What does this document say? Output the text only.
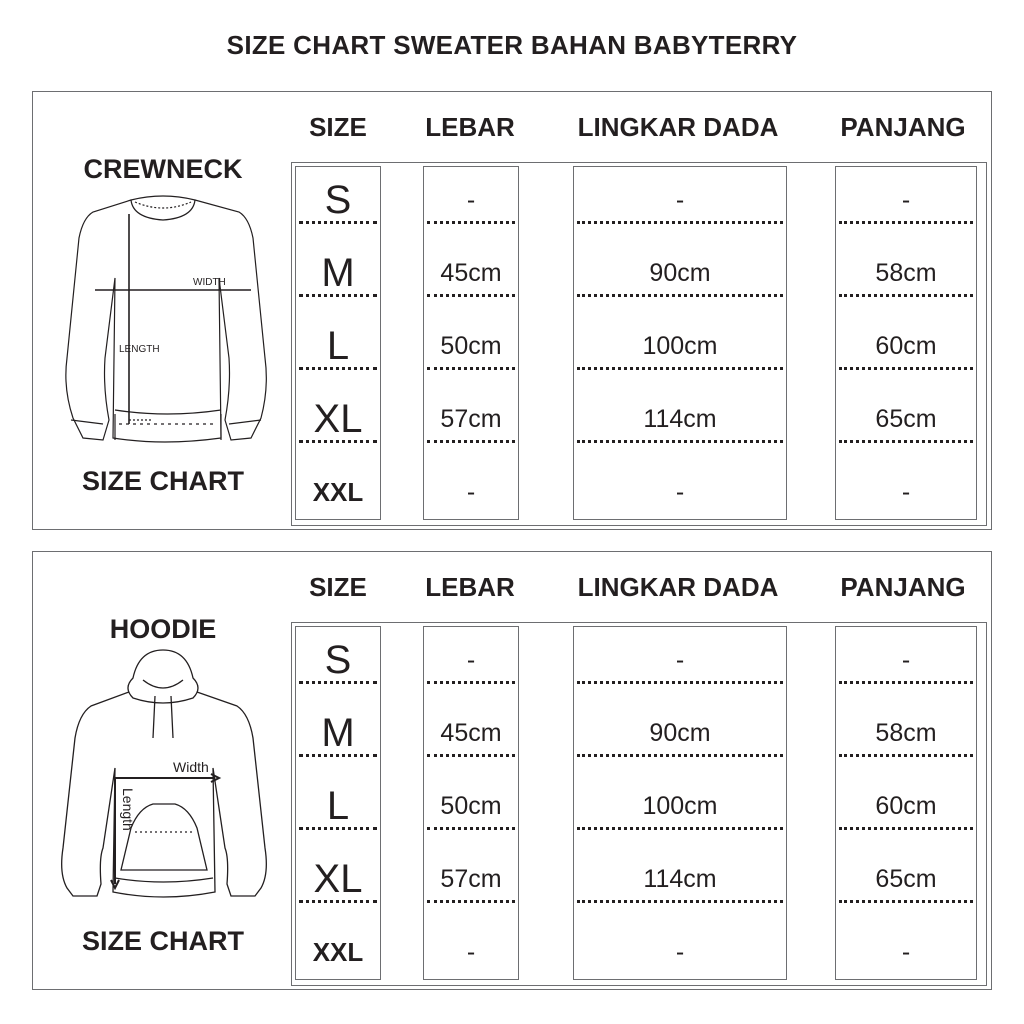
SIZE CHART SWEATER BAHAN BABYTERRY
SIZE	LEBAR	LINGKAR DADA	PANJANG
CREWNECK
SIZE CHART
WIDTH
LENGTH
S	-	-	-
M	45cm	90cm	58cm
L	50cm	100cm	60cm
XL	57cm	114cm	65cm
XXL	-	-	-
SIZE	LEBAR	LINGKAR DADA	PANJANG
HOODIE
SIZE CHART
Width
Length
S	-	-	-
M	45cm	90cm	58cm
L	50cm	100cm	60cm
XL	57cm	114cm	65cm
XXL	-	-	-
